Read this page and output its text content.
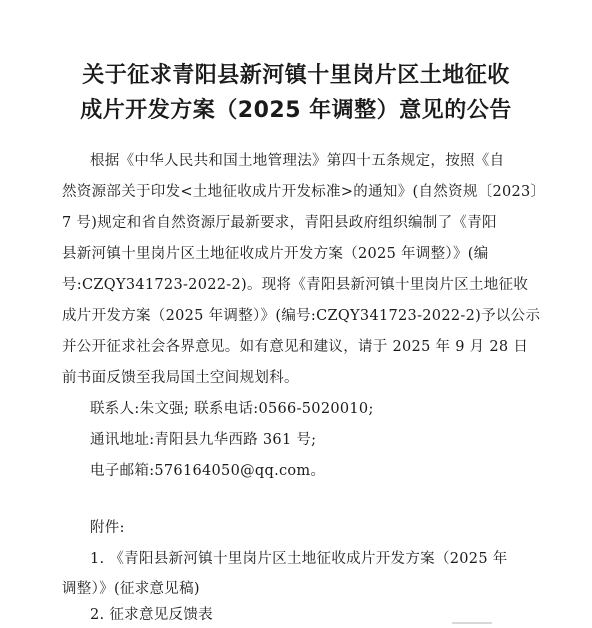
关于征求青阳县新河镇十里岗片区土地征收
成片开发方案（2025 年调整）意见的公告
根据《中华人民共和国土地管理法》第四十五条规定，按照《自
然资源部关于印发<土地征收成片开发标准>的通知》(自然资规〔2023〕
7 号)规定和省自然资源厅最新要求，青阳县政府组织编制了《青阳
县新河镇十里岗片区土地征收成片开发方案（2025 年调整）》(编
号:CZQY341723-2022-2)。现将《青阳县新河镇十里岗片区土地征收
成片开发方案（2025 年调整）》(编号:CZQY341723-2022-2)予以公示
并公开征求社会各界意见。如有意见和建议，请于 2025 年 9 月 28 日
前书面反馈至我局国土空间规划科。
联系人:朱文强; 联系电话:0566-5020010;
通讯地址:青阳县九华西路 361 号;
电子邮箱:576164050@qq.com。
附件:
1. 《青阳县新河镇十里岗片区土地征收成片开发方案（2025 年
调整）》(征求意见稿)
2. 征求意见反馈表
